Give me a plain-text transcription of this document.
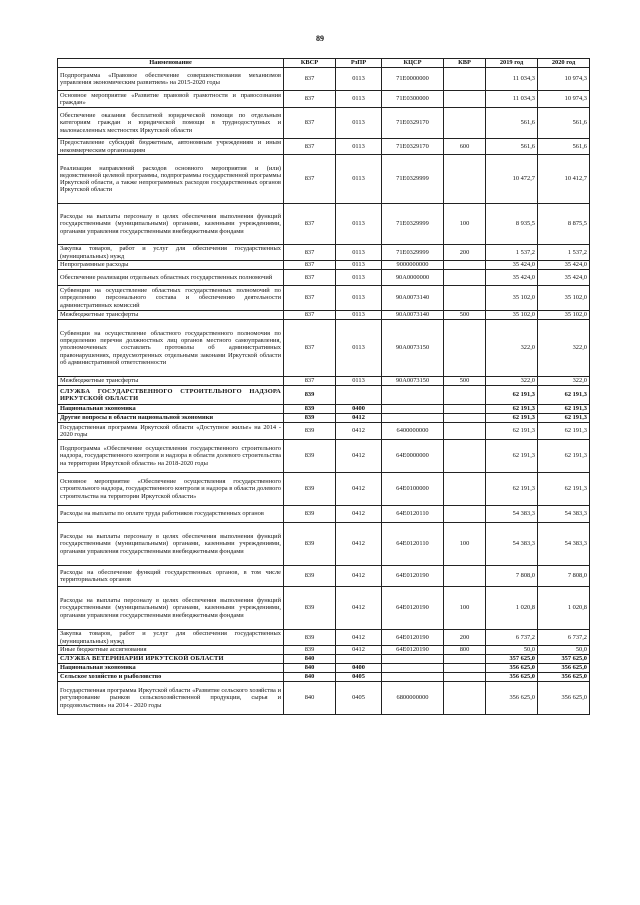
89
Наименование	КВСР	РзПР	КЦСР	КВР	2019 год	2020 год
Подпрограмма «Правовое обеспечение совершенствования механизмов управления экономическим развитием» на 2015-2020 годы	837	0113	71E0000000		11 034,3	10 974,3
Основное мероприятие «Развитие правовой грамотности и правосознания граждан»	837	0113	71E0300000		11 034,3	10 974,3
Обеспечение оказания бесплатной юридической помощи по отдельным категориям граждан и юридической помощи в труднодоступных и малонаселенных местностях Иркутской области	837	0113	71E0329170		561,6	561,6
Предоставление субсидий бюджетным, автономным учреждениям и иным некоммерческим организациям	837	0113	71E0329170	600	561,6	561,6
Реализация направлений расходов основного мероприятия и (или) ведомственной целевой программы, подпрограммы государственной программы Иркутской области, а также непрограммных расходов государственных органов Иркутской области	837	0113	71E0329999		10 472,7	10 412,7
Расходы на выплаты персоналу в целях обеспечения выполнения функций государственными (муниципальными) органами, казенными учреждениями, органами управления государственными внебюджетными фондами	837	0113	71E0329999	100	8 935,5	8 875,5
Закупка товаров, работ и услуг для обеспечения государственных (муниципальных) нужд	837	0113	71E0329999	200	1 537,2	1 537,2
Непрограммные расходы	837	0113	9000000000		35 424,0	35 424,0
Обеспечение реализации отдельных областных государственных полномочий	837	0113	90A0000000		35 424,0	35 424,0
Субвенции на осуществление областных государственных полномочий по определению персонального состава и обеспечению деятельности административных комиссий	837	0113	90A0073140		35 102,0	35 102,0
Межбюджетные трансферты	837	0113	90A0073140	500	35 102,0	35 102,0
Субвенции на осуществление областного государственного полномочия по определению перечня должностных лиц органов местного самоуправления, уполномоченных составлять протоколы об административных правонарушениях, предусмотренных отдельными законами Иркутской области об административной ответственности	837	0113	90A0073150		322,0	322,0
Межбюджетные трансферты	837	0113	90A0073150	500	322,0	322,0
СЛУЖБА ГОСУДАРСТВЕННОГО СТРОИТЕЛЬНОГО НАДЗОРА ИРКУТСКОЙ ОБЛАСТИ	839				62 191,3	62 191,3
Национальная экономика	839	0400			62 191,3	62 191,3
Другие вопросы в области национальной экономики	839	0412			62 191,3	62 191,3
Государственная программа Иркутской области «Доступное жилье» на 2014 - 2020 годы	839	0412	6400000000		62 191,3	62 191,3
Подпрограмма «Обеспечение осуществления государственного строительного надзора, государственного контроля и надзора в области долевого строительства на территории Иркутской области» на 2018-2020 годы	839	0412	64E0000000		62 191,3	62 191,3
Основное мероприятие «Обеспечение осуществления государственного строительного надзора, государственного контроля и надзора в области долевого строительства на территории Иркутской области»	839	0412	64E0100000		62 191,3	62 191,3
Расходы на выплаты по оплате труда работников государственных органов	839	0412	64E0120110		54 383,3	54 383,3
Расходы на выплаты персоналу в целях обеспечения выполнения функций государственными (муниципальными) органами, казенными учреждениями, органами управления государственными внебюджетными фондами	839	0412	64E0120110	100	54 383,3	54 383,3
Расходы на обеспечение функций государственных органов, в том числе территориальных органов	839	0412	64E0120190		7 808,0	7 808,0
Расходы на выплаты персоналу в целях обеспечения выполнения функций государственными (муниципальными) органами, казенными учреждениями, органами управления государственными внебюджетными фондами	839	0412	64E0120190	100	1 020,8	1 020,8
Закупка товаров, работ и услуг для обеспечения государственных (муниципальных) нужд	839	0412	64E0120190	200	6 737,2	6 737,2
Иные бюджетные ассигнования	839	0412	64E0120190	800	50,0	50,0
СЛУЖБА ВЕТЕРИНАРИИ ИРКУТСКОЙ ОБЛАСТИ	840				357 625,0	357 625,0
Национальная экономика	840	0400			356 625,0	356 625,0
Сельское хозяйство и рыболовство	840	0405			356 625,0	356 625,0
Государственная программа Иркутской области «Развитие сельского хозяйства и регулирование рынков сельскохозяйственной продукции, сырья и продовольствия» на 2014 - 2020 годы	840	0405	6800000000		356 625,0	356 625,0
